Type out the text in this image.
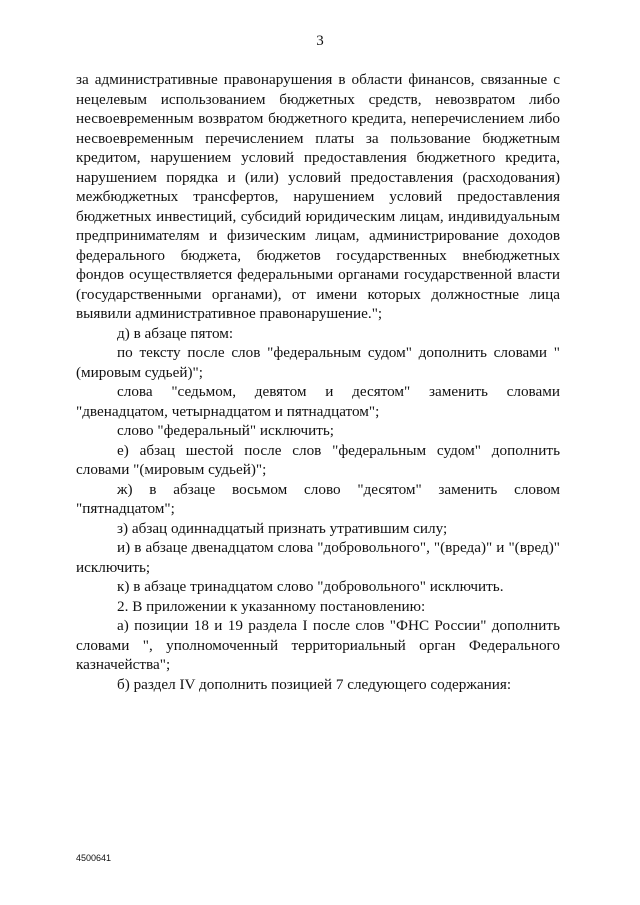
3

за административные правонарушения в области финансов, связанные с нецелевым использованием бюджетных средств, невозвратом либо несвоевременным возвратом бюджетного кредита, неперечислением либо несвоевременным перечислением платы за пользование бюджетным кредитом, нарушением условий предоставления бюджетного кредита, нарушением порядка и (или) условий предоставления (расходования) межбюджетных трансфертов, нарушением условий предоставления бюджетных инвестиций, субсидий юридическим лицам, индивидуальным предпринимателям и физическим лицам, администрирование доходов федерального бюджета, бюджетов государственных внебюджетных фондов осуществляется федеральными органами государственной власти (государственными органами), от имени которых должностные лица выявили административное правонарушение.";

д) в абзаце пятом:

по тексту после слов "федеральным судом" дополнить словами "(мировым судьей)";

слова "седьмом, девятом и десятом" заменить словами "двенадцатом, четырнадцатом и пятнадцатом";

слово "федеральный" исключить;

е) абзац шестой после слов "федеральным судом" дополнить словами "(мировым судьей)";

ж) в абзаце восьмом слово "десятом" заменить словом "пятнадцатом";

з) абзац одиннадцатый признать утратившим силу;

и) в абзаце двенадцатом слова "добровольного", "(вреда)" и "(вред)" исключить;

к) в абзаце тринадцатом слово "добровольного" исключить.

2. В приложении к указанному постановлению:

а) позиции 18 и 19 раздела I после слов "ФНС России" дополнить словами ", уполномоченный территориальный орган Федерального казначейства";

б) раздел IV дополнить позицией 7 следующего содержания:

4500641
